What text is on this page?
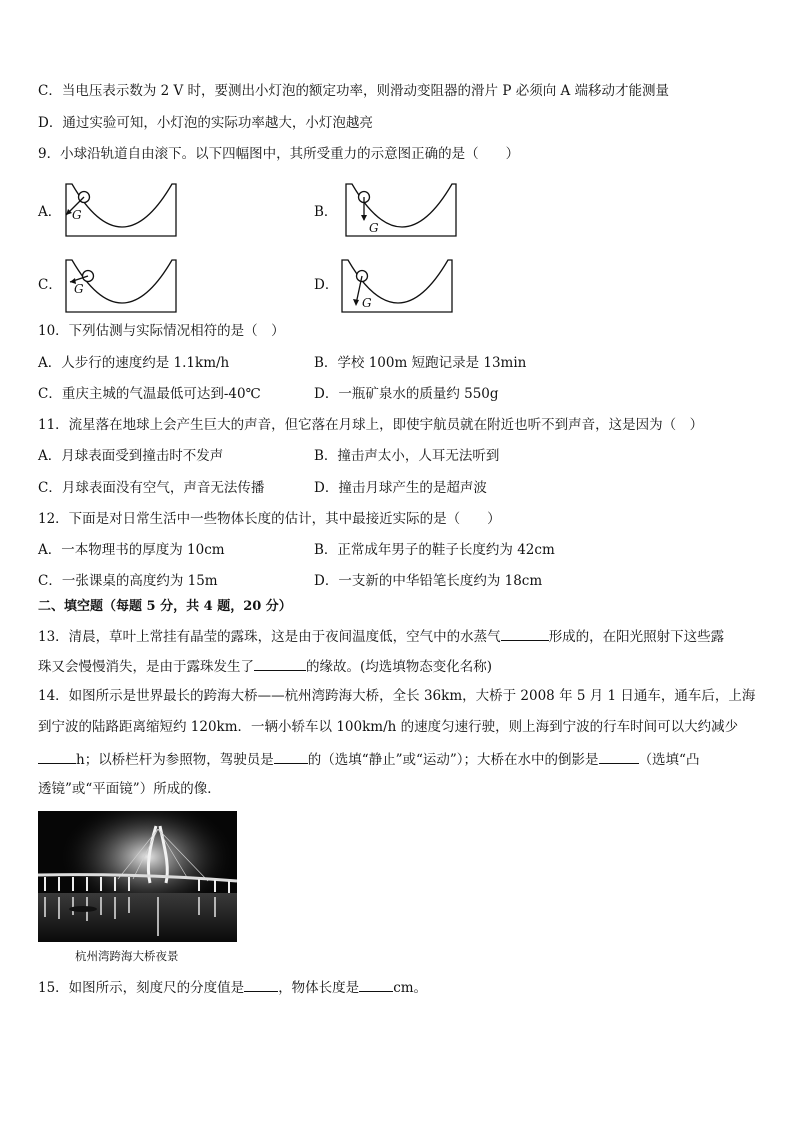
C．当电压表示数为 2 V 时，要测出小灯泡的额定功率，则滑动变阻器的滑片 P 必须向 A 端移动才能测量
D．通过实验可知，小灯泡的实际功率越大，小灯泡越亮
9．小球沿轨道自由滚下。以下四幅图中，其所受重力的示意图正确的是（　　）
A． G	B．
G
C． G	D．
G
10．下列估测与实际情况相符的是（　）
A．人步行的速度约是 1.1km/h	B．学校 100m 短跑记录是 13min
C．重庆主城的气温最低可达到-40℃	D．一瓶矿泉水的质量约 550g
11．流星落在地球上会产生巨大的声音，但它落在月球上，即使宇航员就在附近也听不到声音，这是因为（　）
A．月球表面受到撞击时不发声	B．撞击声太小，人耳无法听到
C．月球表面没有空气，声音无法传播	D．撞击月球产生的是超声波
12．下面是对日常生活中一些物体长度的估计，其中最接近实际的是（　　）
A．一本物理书的厚度为 10cm	B．正常成年男子的鞋子长度约为 42cm
C．一张课桌的高度约为 15m	D．一支新的中华铅笔长度约为 18cm
二、填空题（每题 5 分，共 4 题，20 分）
13．清晨，草叶上常挂有晶莹的露珠，这是由于夜间温度低，空气中的水蒸气	形成的，在阳光照射下这些露
珠又会慢慢消失，是由于露珠发生了	的缘故。(均选填物态变化名称)
14．如图所示是世界最长的跨海大桥——杭州湾跨海大桥，全长 36km，大桥于 2008 年 5 月 1 日通车，通车后，上海
到宁波的陆路距离缩短约 120km．一辆小轿车以 100km/h 的速度匀速行驶，则上海到宁波的行车时间可以大约减少
h；以桥栏杆为参照物，驾驶员是	的（选填“静止”或“运动”）；大桥在水中的倒影是	（选填“凸
透镜”或“平面镜”）所成的像．
杭州湾跨海大桥夜景
15．如图所示，刻度尺的分度值是	，物体长度是	cm。
